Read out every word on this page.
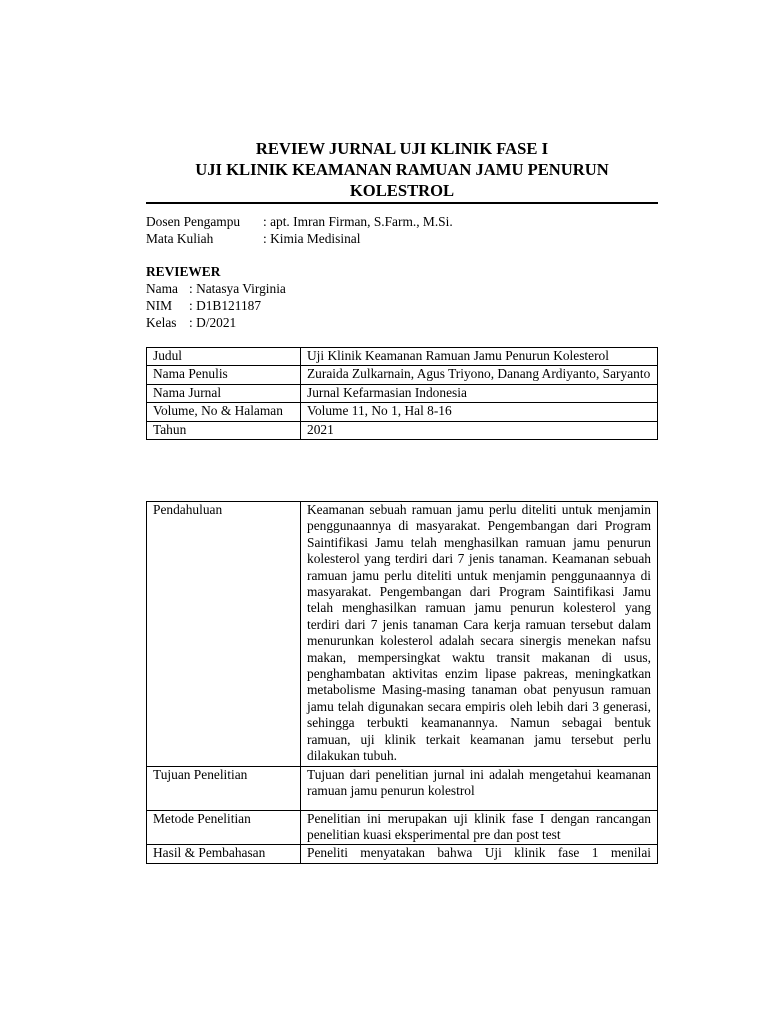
REVIEW JURNAL UJI KLINIK FASE I
UJI KLINIK KEAMANAN RAMUAN JAMU PENURUN
KOLESTROL
Dosen Pengampu : apt. Imran Firman, S.Farm., M.Si.
Mata Kuliah	: Kimia Medisinal
REVIEWER
Nama : Natasya Virginia
NIM : D1B121187
Kelas : D/2021
Judul	Uji Klinik Keamanan Ramuan Jamu Penurun Kolesterol
Nama Penulis	Zuraida Zulkarnain, Agus Triyono, Danang Ardiyanto, Saryanto
Nama Jurnal	Jurnal Kefarmasian Indonesia
Volume, No & Halaman	Volume 11, No 1, Hal 8-16
Tahun	2021
Pendahuluan	Keamanan sebuah ramuan jamu perlu diteliti untuk menjamin penggunaannya di masyarakat. Pengembangan dari Program Saintifikasi Jamu telah menghasilkan ramuan jamu penurun kolesterol yang terdiri dari 7 jenis tanaman. Keamanan sebuah ramuan jamu perlu diteliti untuk menjamin penggunaannya di masyarakat. Pengembangan dari Program Saintifikasi Jamu telah menghasilkan ramuan jamu penurun kolesterol yang terdiri dari 7 jenis tanaman Cara kerja ramuan tersebut dalam menurunkan kolesterol adalah secara sinergis menekan nafsu makan, mempersingkat waktu transit makanan di usus, penghambatan aktivitas enzim lipase pakreas, meningkatkan metabolisme Masing-masing tanaman obat penyusun ramuan jamu telah digunakan secara empiris oleh lebih dari 3 generasi, sehingga terbukti keamanannya. Namun sebagai bentuk ramuan, uji klinik terkait keamanan jamu tersebut perlu dilakukan tubuh.
Tujuan Penelitian	Tujuan dari penelitian jurnal ini adalah mengetahui keamanan ramuan jamu penurun kolestrol
Metode Penelitian	Penelitian ini merupakan uji klinik fase I dengan rancangan penelitian kuasi eksperimental pre dan post test
Hasil & Pembahasan	Peneliti menyatakan bahwa Uji klinik fase 1 menilai
